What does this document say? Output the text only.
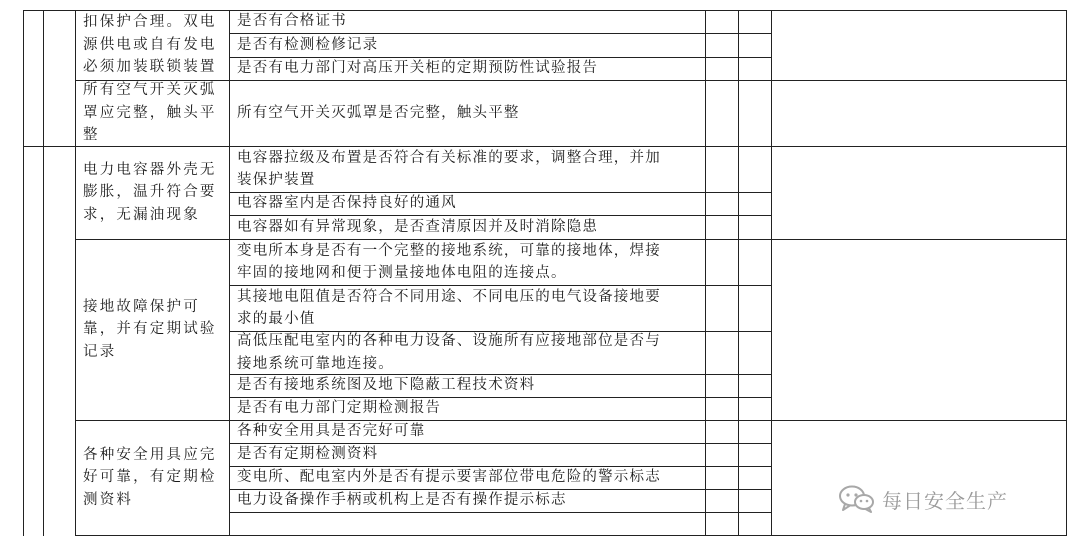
扣保护合理。双电
源供电或自有发电
必须加装联锁装置
是否有合格证书
是否有检测检修记录
是否有电力部门对高压开关柜的定期预防性试验报告
所有空气开关灭弧
罩应完整，触头平
整
所有空气开关灭弧罩是否完整，触头平整
电力电容器外壳无
膨胀，温升符合要
求，无漏油现象
电容器拉级及布置是否符合有关标准的要求，调整合理，并加
装保护装置
电容器室内是否保持良好的通风
电容器如有异常现象，是否查清原因并及时消除隐患
接地故障保护可
靠，并有定期试验
记录
变电所本身是否有一个完整的接地系统，可靠的接地体，焊接
牢固的接地网和便于测量接地体电阻的连接点。
其接地电阻值是否符合不同用途、不同电压的电气设备接地要
求的最小值
高低压配电室内的各种电力设备、设施所有应接地部位是否与
接地系统可靠地连接。
是否有接地系统图及地下隐蔽工程技术资料
是否有电力部门定期检测报告
各种安全用具应完
好可靠，有定期检
测资料
各种安全用具是否完好可靠
是否有定期检测资料
变电所、配电室内外是否有提示要害部位带电危险的警示标志
电力设备操作手柄或机构上是否有操作提示标志	每日安全生产
